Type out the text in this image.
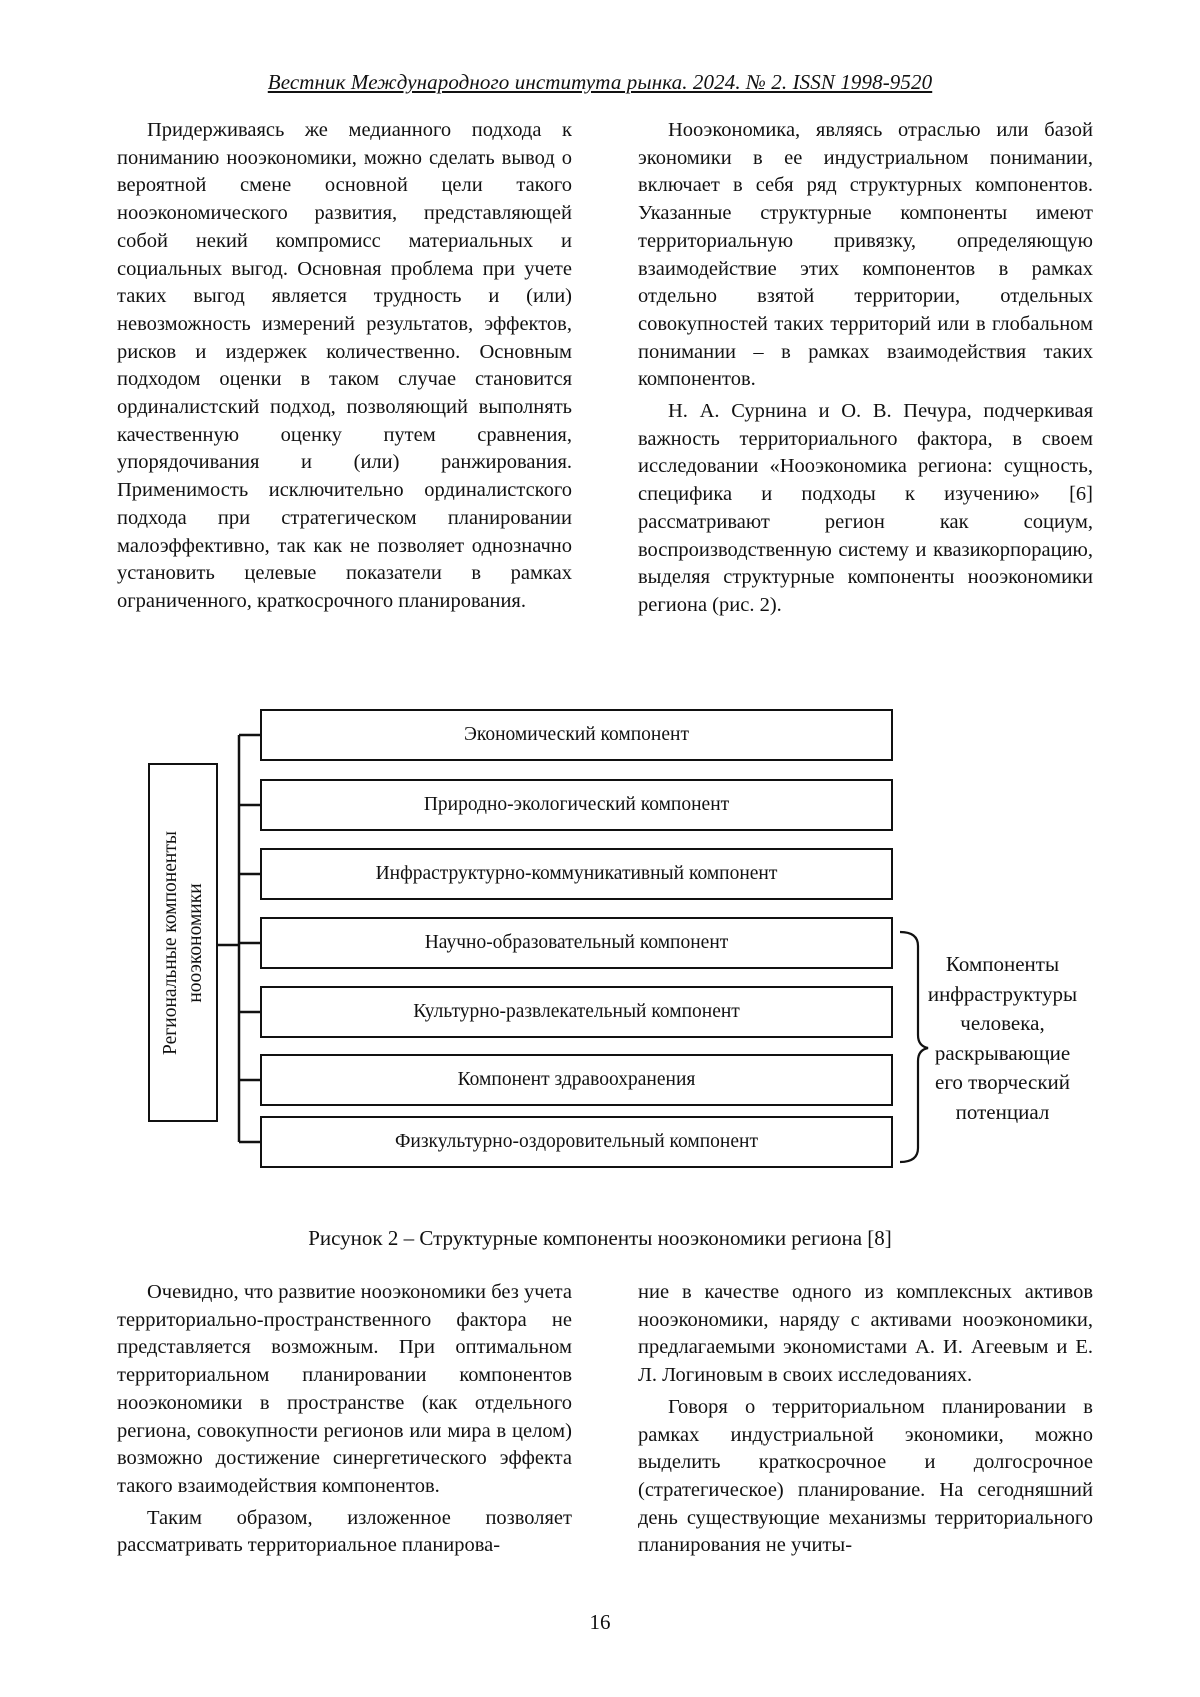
Вестник Международного института рынка. 2024. № 2. ISSN 1998-9520

Придерживаясь же медианного подхода к пониманию нооэкономики, можно сделать вывод о вероятной смене основной цели такого нооэкономического развития, представляющей собой некий компромисс материальных и социальных выгод. Основная проблема при учете таких выгод является трудность и (или) невозможность измерений результатов, эффектов, рисков и издержек количественно. Основным подходом оценки в таком случае становится ординалистский подход, позволяющий выполнять качественную оценку путем сравнения, упорядочивания и (или) ранжирования. Применимость исключительно ординалистского подхода при стратегическом планировании малоэффективно, так как не позволяет однозначно установить целевые показатели в рамках ограниченного, краткосрочного планирования.

Нооэкономика, являясь отраслью или базой экономики в ее индустриальном понимании, включает в себя ряд структурных компонентов. Указанные структурные компоненты имеют территориальную привязку, определяющую взаимодействие этих компонентов в рамках отдельно взятой территории, отдельных совокупностей таких территорий или в глобальном понимании – в рамках взаимодействия таких компонентов.

Н. А. Сурнина и О. В. Печура, подчеркивая важность территориального фактора, в своем исследовании «Нооэкономика региона: сущность, специфика и подходы к изучению» [6] рассматривают регион как социум, воспроизводственную систему и квазикорпорацию, выделяя структурные компоненты нооэкономики региона (рис. 2).

Региональные компоненты нооэкономики
Экономический компонент
Природно-экологический компонент
Инфраструктурно-коммуникативный компонент
Научно-образовательный компонент
Культурно-развлекательный компонент
Компонент здравоохранения
Физкультурно-оздоровительный компонент
Компоненты инфраструктуры человека, раскрывающие его творческий потенциал
Рисунок 2 – Структурные компоненты нооэкономики региона [8]

Очевидно, что развитие нооэкономики без учета территориально-пространственного фактора не представляется возможным. При оптимальном территориальном планировании компонентов нооэкономики в пространстве (как отдельного региона, совокупности регионов или мира в целом) возможно достижение синергетического эффекта такого взаимодействия компонентов.

Таким образом, изложенное позволяет рассматривать территориальное планирова-

ние в качестве одного из комплексных активов нооэкономики, наряду с активами нооэкономики, предлагаемыми экономистами А. И. Агеевым и Е. Л. Логиновым в своих исследованиях.

Говоря о территориальном планировании в рамках индустриальной экономики, можно выделить краткосрочное и долгосрочное (стратегическое) планирование. На сегодняшний день существующие механизмы территориального планирования не учиты-

16
